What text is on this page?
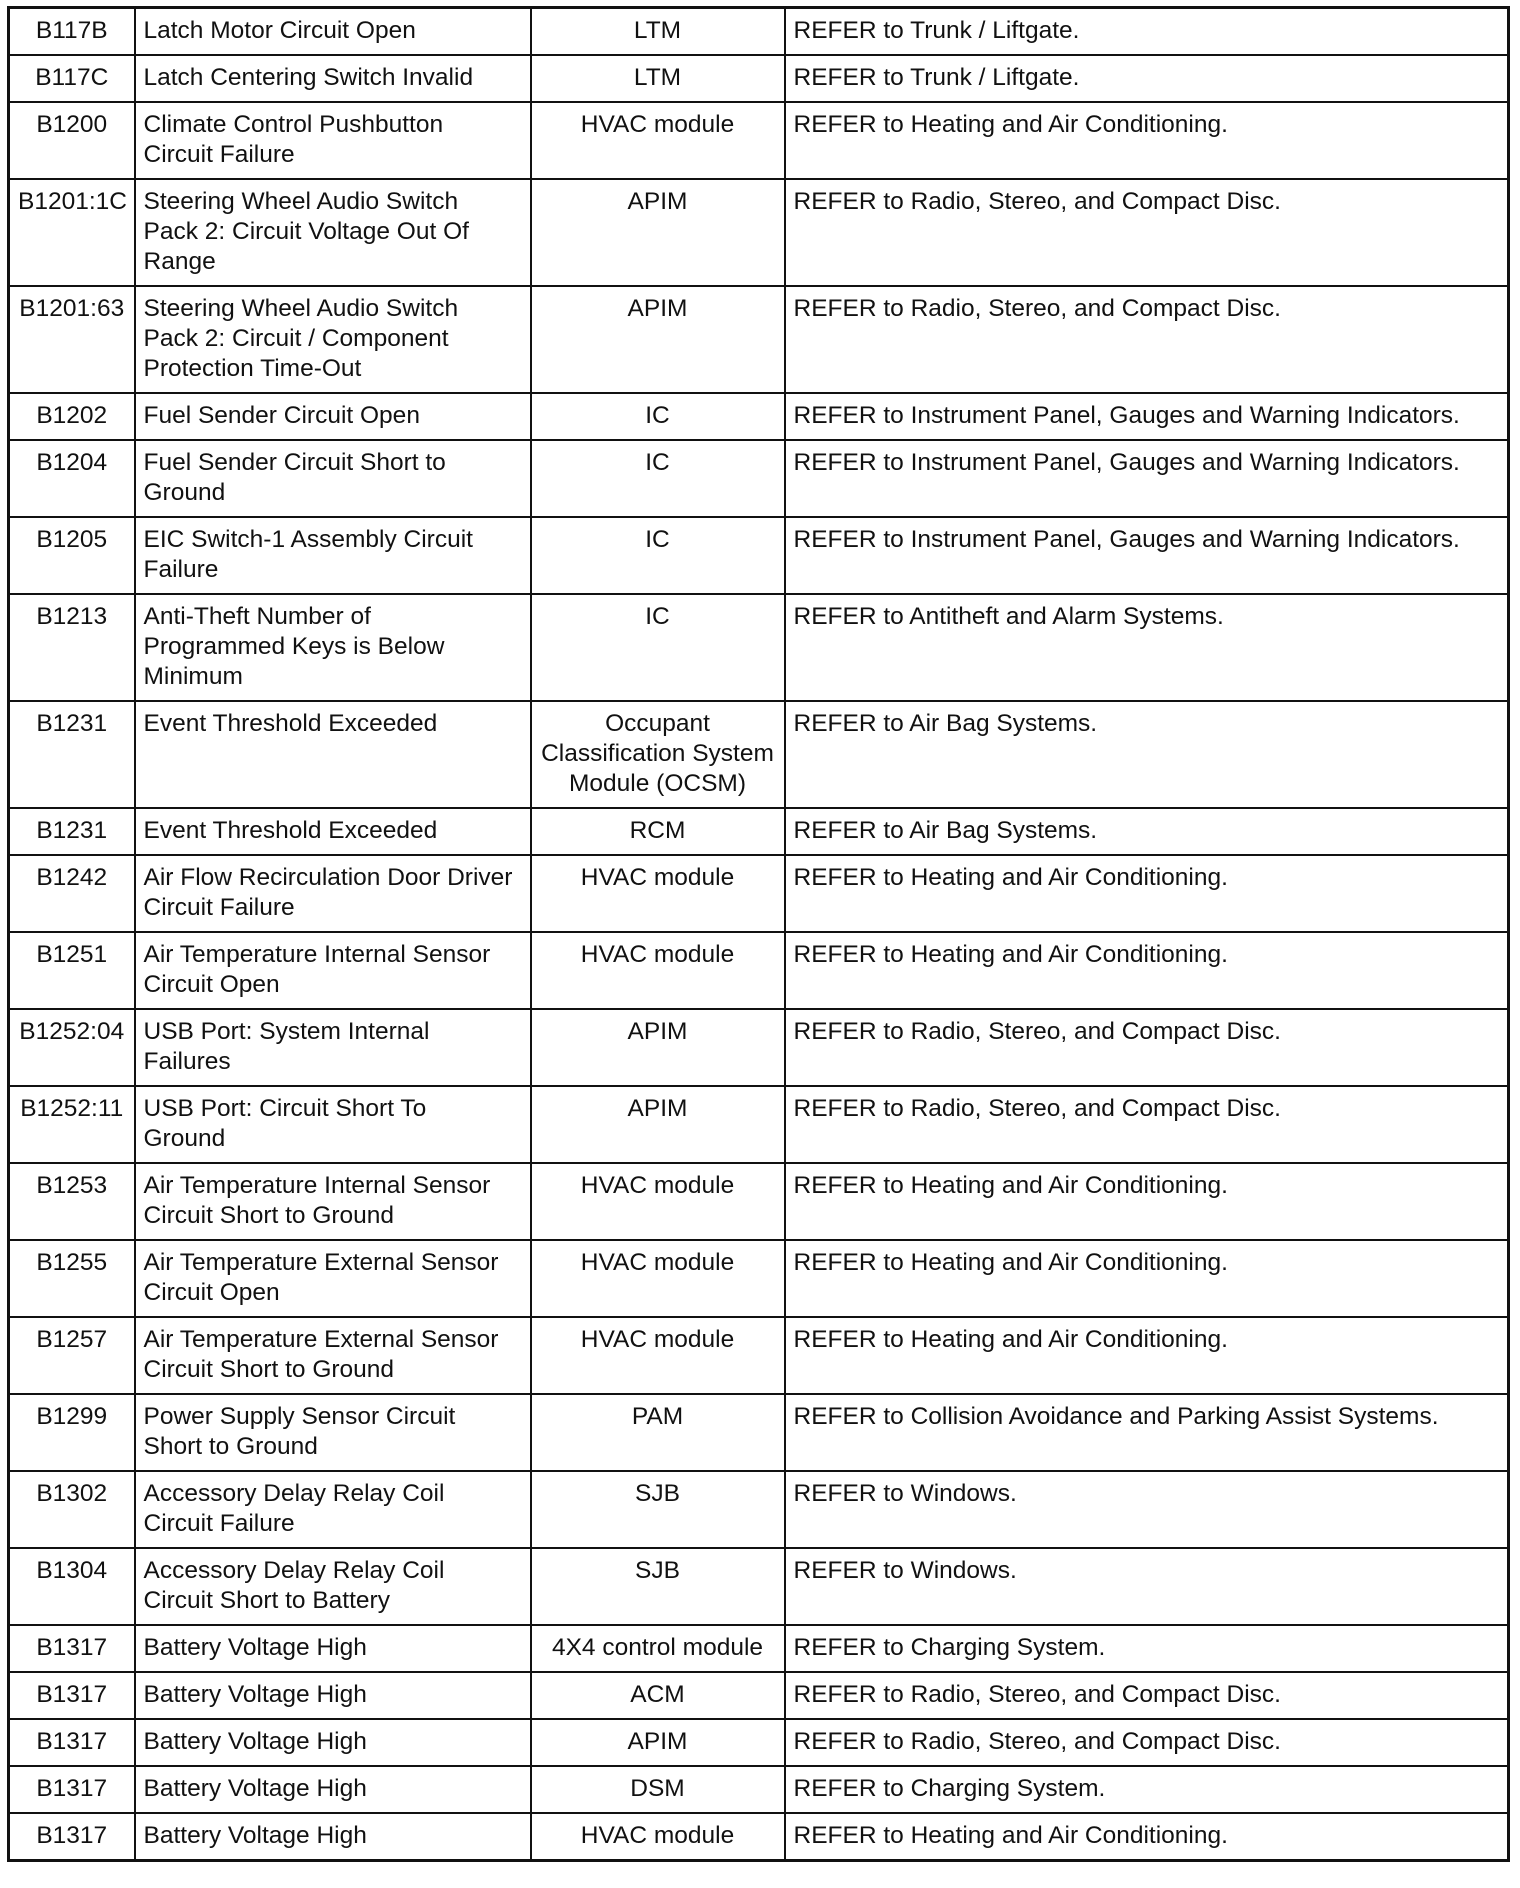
B117B	Latch Motor Circuit Open	LTM	REFER to Trunk / Liftgate.

B117C	Latch Centering Switch Invalid	LTM	REFER to Trunk / Liftgate.

B1200	Climate Control Pushbutton
Circuit Failure	HVAC module	REFER to Heating and Air Conditioning.

B1201:1C	Steering Wheel Audio Switch
Pack 2: Circuit Voltage Out Of
Range	APIM	REFER to Radio, Stereo, and Compact Disc.

B1201:63	Steering Wheel Audio Switch
Pack 2: Circuit / Component
Protection Time-Out	APIM	REFER to Radio, Stereo, and Compact Disc.

B1202	Fuel Sender Circuit Open	IC	REFER to Instrument Panel, Gauges and Warning Indicators.

B1204	Fuel Sender Circuit Short to
Ground	IC	REFER to Instrument Panel, Gauges and Warning Indicators.

B1205	EIC Switch-1 Assembly Circuit
Failure	IC	REFER to Instrument Panel, Gauges and Warning Indicators.

B1213	Anti-Theft Number of
Programmed Keys is Below
Minimum	IC	REFER to Antitheft and Alarm Systems.

B1231	Event Threshold Exceeded	Occupant
Classification System
Module (OCSM)	REFER to Air Bag Systems.

B1231	Event Threshold Exceeded	RCM	REFER to Air Bag Systems.

B1242	Air Flow Recirculation Door Driver
Circuit Failure	HVAC module	REFER to Heating and Air Conditioning.

B1251	Air Temperature Internal Sensor
Circuit Open	HVAC module	REFER to Heating and Air Conditioning.

B1252:04	USB Port: System Internal
Failures	APIM	REFER to Radio, Stereo, and Compact Disc.

B1252:11	USB Port: Circuit Short To
Ground	APIM	REFER to Radio, Stereo, and Compact Disc.

B1253	Air Temperature Internal Sensor
Circuit Short to Ground	HVAC module	REFER to Heating and Air Conditioning.

B1255	Air Temperature External Sensor
Circuit Open	HVAC module	REFER to Heating and Air Conditioning.

B1257	Air Temperature External Sensor
Circuit Short to Ground	HVAC module	REFER to Heating and Air Conditioning.

B1299	Power Supply Sensor Circuit
Short to Ground	PAM	REFER to Collision Avoidance and Parking Assist Systems.

B1302	Accessory Delay Relay Coil
Circuit Failure	SJB	REFER to Windows.

B1304	Accessory Delay Relay Coil
Circuit Short to Battery	SJB	REFER to Windows.

B1317	Battery Voltage High	4X4 control module	REFER to Charging System.

B1317	Battery Voltage High	ACM	REFER to Radio, Stereo, and Compact Disc.

B1317	Battery Voltage High	APIM	REFER to Radio, Stereo, and Compact Disc.

B1317	Battery Voltage High	DSM	REFER to Charging System.

B1317	Battery Voltage High	HVAC module	REFER to Heating and Air Conditioning.
